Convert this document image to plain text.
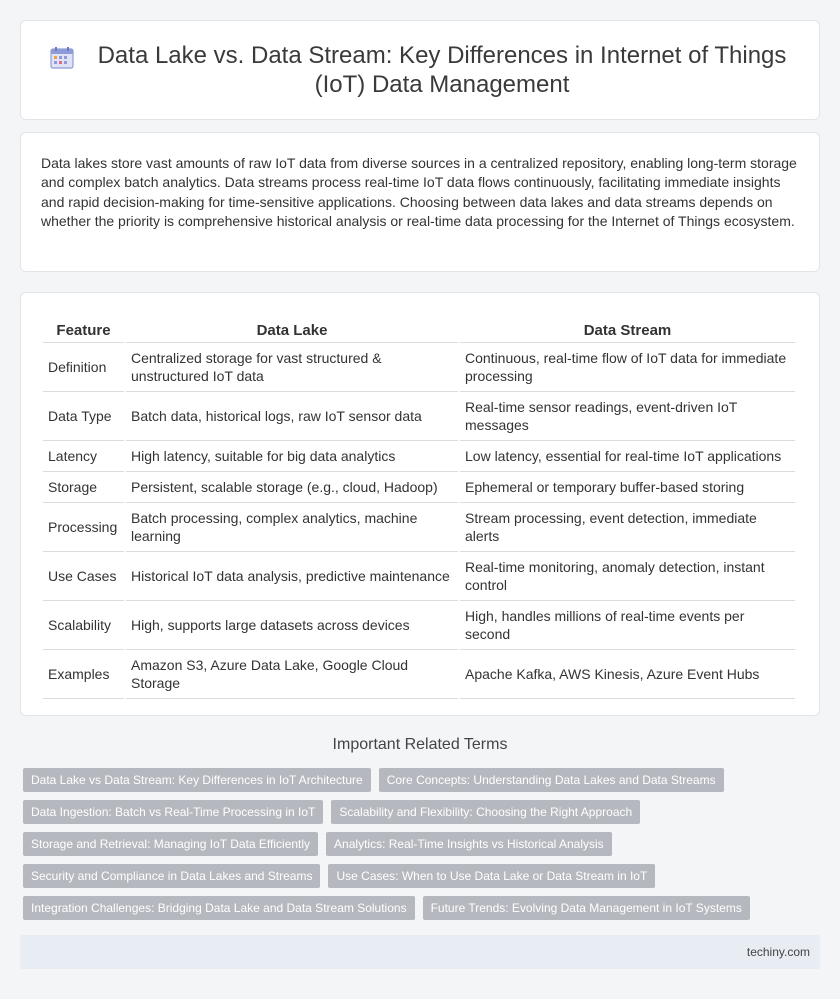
Data Lake vs. Data Stream: Key Differences in Internet of Things (IoT) Data Management

Data lakes store vast amounts of raw IoT data from diverse sources in a centralized repository, enabling long-term storage and complex batch analytics. Data streams process real-time IoT data flows continuously, facilitating immediate insights and rapid decision-making for time-sensitive applications. Choosing between data lakes and data streams depends on whether the priority is comprehensive historical analysis or real-time data processing for the Internet of Things ecosystem.

Feature	Data Lake	Data Stream
Definition	Centralized storage for vast structured & unstructured IoT data	Continuous, real-time flow of IoT data for immediate processing
Data Type	Batch data, historical logs, raw IoT sensor data	Real-time sensor readings, event-driven IoT messages
Latency	High latency, suitable for big data analytics	Low latency, essential for real-time IoT applications
Storage	Persistent, scalable storage (e.g., cloud, Hadoop)	Ephemeral or temporary buffer-based storing
Processing	Batch processing, complex analytics, machine learning	Stream processing, event detection, immediate alerts
Use Cases	Historical IoT data analysis, predictive maintenance	Real-time monitoring, anomaly detection, instant control
Scalability	High, supports large datasets across devices	High, handles millions of real-time events per second
Examples	Amazon S3, Azure Data Lake, Google Cloud Storage	Apache Kafka, AWS Kinesis, Azure Event Hubs
Important Related Terms
Data Lake vs Data Stream: Key Differences in IoT Architecture	Core Concepts: Understanding Data Lakes and Data Streams
Data Ingestion: Batch vs Real-Time Processing in IoT	Scalability and Flexibility: Choosing the Right Approach
Storage and Retrieval: Managing IoT Data Efficiently	Analytics: Real-Time Insights vs Historical Analysis
Security and Compliance in Data Lakes and Streams	Use Cases: When to Use Data Lake or Data Stream in IoT
Integration Challenges: Bridging Data Lake and Data Stream Solutions	Future Trends: Evolving Data Management in IoT Systems
techiny.com
